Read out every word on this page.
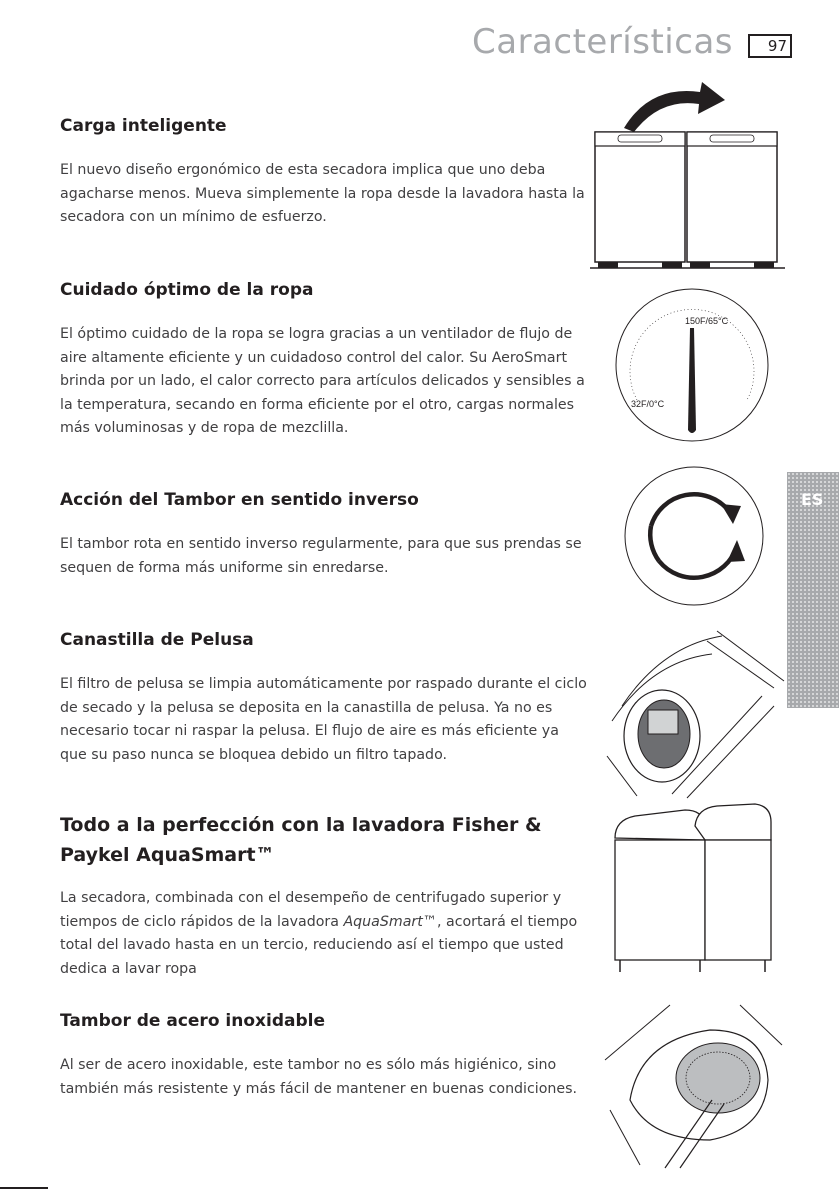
Características	97
ES
Carga inteligente

El nuevo diseño ergonómico de esta secadora implica que uno deba agacharse menos. Mueva simplemente la ropa desde la lavadora hasta la secadora con un mínimo de esfuerzo.

Cuidado óptimo de la ropa

El óptimo cuidado de la ropa se logra gracias a un ventilador de flujo de aire altamente eficiente y un cuidadoso control del calor. Su AeroSmart brinda por un lado, el calor correcto para artículos delicados y sensibles a la temperatura, secando en forma eficiente por el otro, cargas normales más voluminosas y de ropa de mezclilla.

Acción del Tambor en sentido inverso

El tambor rota en sentido inverso regularmente, para que sus prendas se sequen de forma más uniforme sin enredarse.

Canastilla de Pelusa

El filtro de pelusa se limpia automáticamente por raspado durante el ciclo de secado y la pelusa se deposita en la canastilla de pelusa. Ya no es necesario tocar ni raspar la pelusa. El flujo de aire es más eficiente ya que su paso nunca se bloquea debido un filtro tapado.

Todo a la perfección con la lavadora Fisher & Paykel AquaSmart™

La secadora, combinada con el desempeño de centrifugado superior y tiempos de ciclo rápidos de la lavadora AquaSmart™, acortará el tiempo total del lavado hasta en un tercio, reduciendo así el tiempo que usted dedica a lavar ropa

Tambor de acero inoxidable

Al ser de acero inoxidable, este tambor no es sólo más higiénico, sino también más resistente y más fácil de mantener en buenas condiciones.

150F/65°C
32F/0°C
